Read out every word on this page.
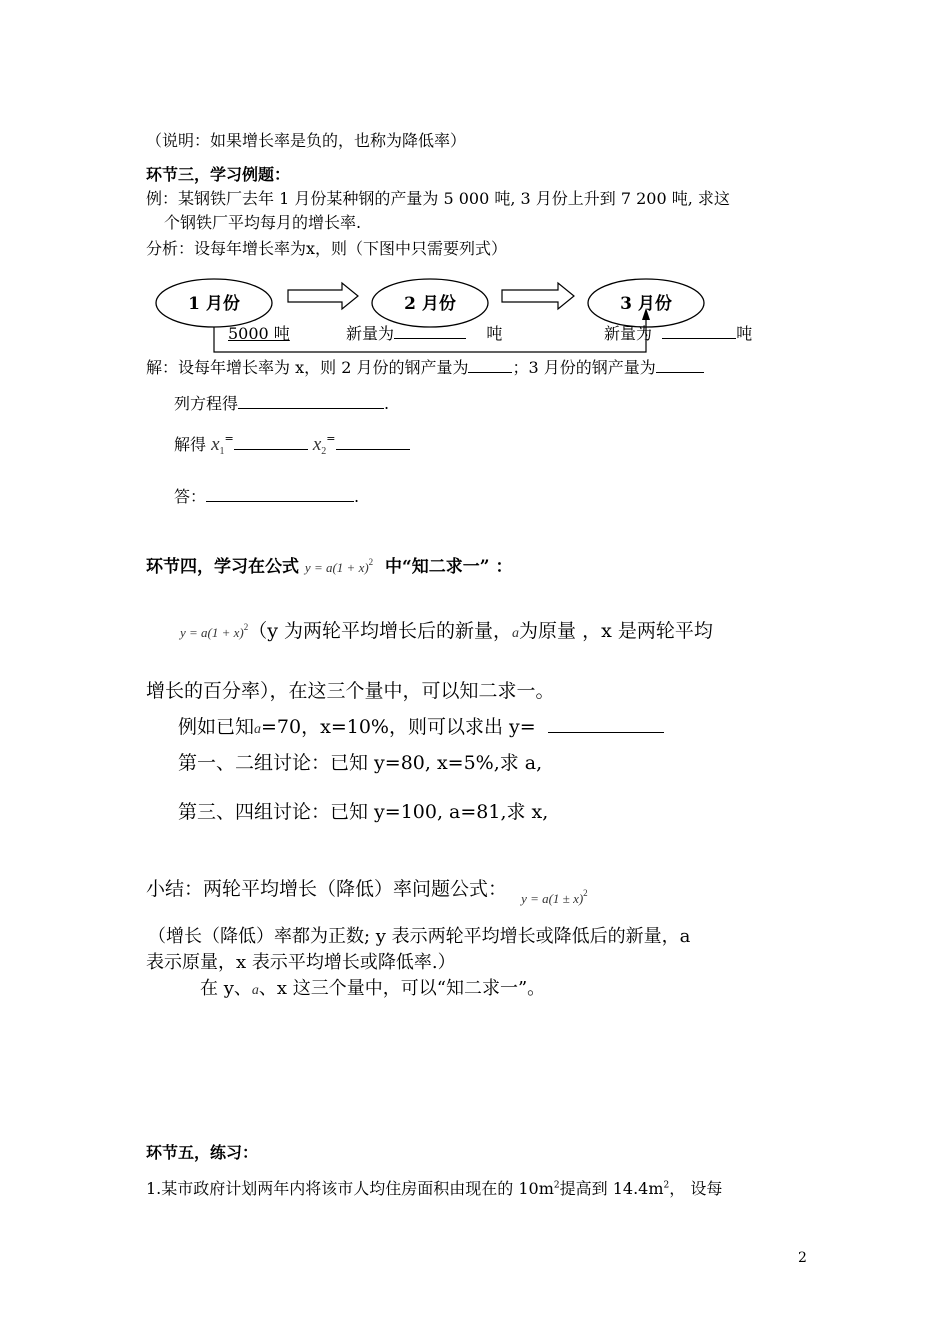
（说明：如果增长率是负的，也称为降低率）
环节三，学习例题：
例：某钢铁厂去年 1 月份某种钢的产量为 5 000 吨, 3 月份上升到 7 200 吨, 求这
个钢铁厂平均每月的增长率.
分析：设每年增长率为x，则（下图中只需要列式）
1 月份	2 月份	3 月份
5000 吨	新量为	吨	新量为	吨
解：设每年增长率为 x，则 2 月份的钢产量为	；3 月份的钢产量为
列方程得	.
解得 $x_1^=$	$x_2^=$
答：	.
环节四，学习在公式 $y = a(1 + x)^2$ 中“知二求一” ：
$y = a(1 + x)^2(y$ 为两轮平均增长后的新量，a为原量 ，x 是两轮平均
增长的百分率），在这三个量中，可以知二求一。
例如已知a=70，x=10%，则可以求出 y=
第一、二组讨论：已知 y=80, x=5%,求 a,
第三、四组讨论：已知 y=100, a=81,求 x,
小结：两轮平均增长（降低）率问题公式： $_{y = a(1 \pm x)^2}$
（增长（降低）率都为正数; y 表示两轮平均增长或降低后的新量，a
表示原量，x 表示平均增长或降低率.）
在 y、a、x 这三个量中，可以“知二求一”。
环节五，练习：
1.某市政府计划两年内将该市人均住房面积由现在的 $10m^2$提高到 $14.4m^2$， 设每
2
